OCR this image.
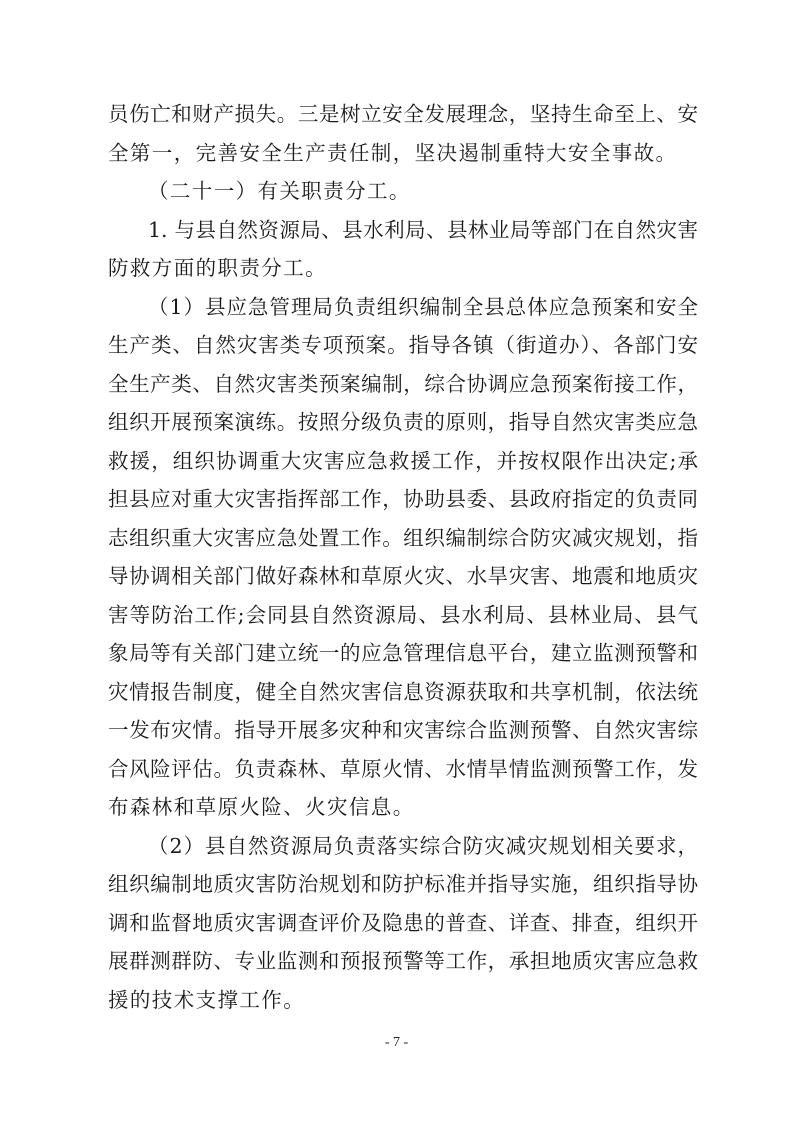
员伤亡和财产损失。三是树立安全发展理念，坚持生命至上、安
全第一，完善安全生产责任制，坚决遏制重特大安全事故。
（二十一）有关职责分工。
1. 与县自然资源局、县水利局、县林业局等部门在自然灾害
防救方面的职责分工。
（1）县应急管理局负责组织编制全县总体应急预案和安全
生产类、自然灾害类专项预案。指导各镇（街道办）、各部门安
全生产类、自然灾害类预案编制，综合协调应急预案衔接工作，
组织开展预案演练。按照分级负责的原则，指导自然灾害类应急
救援，组织协调重大灾害应急救援工作，并按权限作出决定;承
担县应对重大灾害指挥部工作，协助县委、县政府指定的负责同
志组织重大灾害应急处置工作。组织编制综合防灾减灾规划，指
导协调相关部门做好森林和草原火灾、水旱灾害、地震和地质灾
害等防治工作;会同县自然资源局、县水利局、县林业局、县气
象局等有关部门建立统一的应急管理信息平台，建立监测预警和
灾情报告制度，健全自然灾害信息资源获取和共享机制，依法统
一发布灾情。指导开展多灾种和灾害综合监测预警、自然灾害综
合风险评估。负责森林、草原火情、水情旱情监测预警工作，发
布森林和草原火险、火灾信息。
（2）县自然资源局负责落实综合防灾减灾规划相关要求，
组织编制地质灾害防治规划和防护标准并指导实施，组织指导协
调和监督地质灾害调查评价及隐患的普查、详查、排查，组织开
展群测群防、专业监测和预报预警等工作，承担地质灾害应急救
援的技术支撑工作。
- 7 -
